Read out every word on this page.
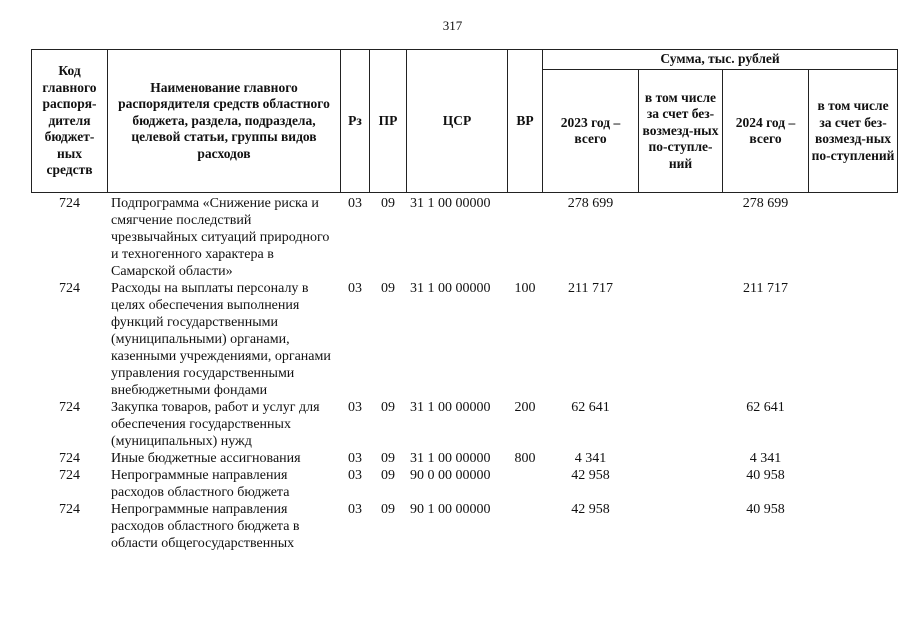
317
Код главного распоря-дителя бюджет-ных средств	Наименование главного распорядителя средств областного бюджета, раздела, подраздела, целевой статьи, группы видов расходов	Рз	ПР	ЦСР	ВР	Сумма, тыс. рублей			
						2023 год – всего	в том числе за счет без-возмезд-ных по-ступле-ний	2024 год – всего	в том числе за счет без-возмезд-ных по-ступлений
724	Подпрограмма «Снижение риска и смягчение последствий чрезвычайных ситуаций природного и техногенного характера в Самарской области»	03	09	31 1 00 00000		278 699		278 699	
724	Расходы на выплаты персоналу в целях обеспечения выполнения функций государственными (муниципальными) органами, казенными учреждениями, органами управления государственными внебюджетными фондами	03	09	31 1 00 00000	100	211 717		211 717	
724	Закупка товаров, работ и услуг для обеспечения государственных (муниципальных) нужд	03	09	31 1 00 00000	200	62 641		62 641	
724	Иные бюджетные ассигнования	03	09	31 1 00 00000	800	4 341		4 341	
724	Непрограммные направления расходов областного бюджета	03	09	90 0 00 00000		42 958		40 958	
724	Непрограммные направления расходов областного бюджета в области общегосударственных	03	09	90 1 00 00000		42 958		40 958	
